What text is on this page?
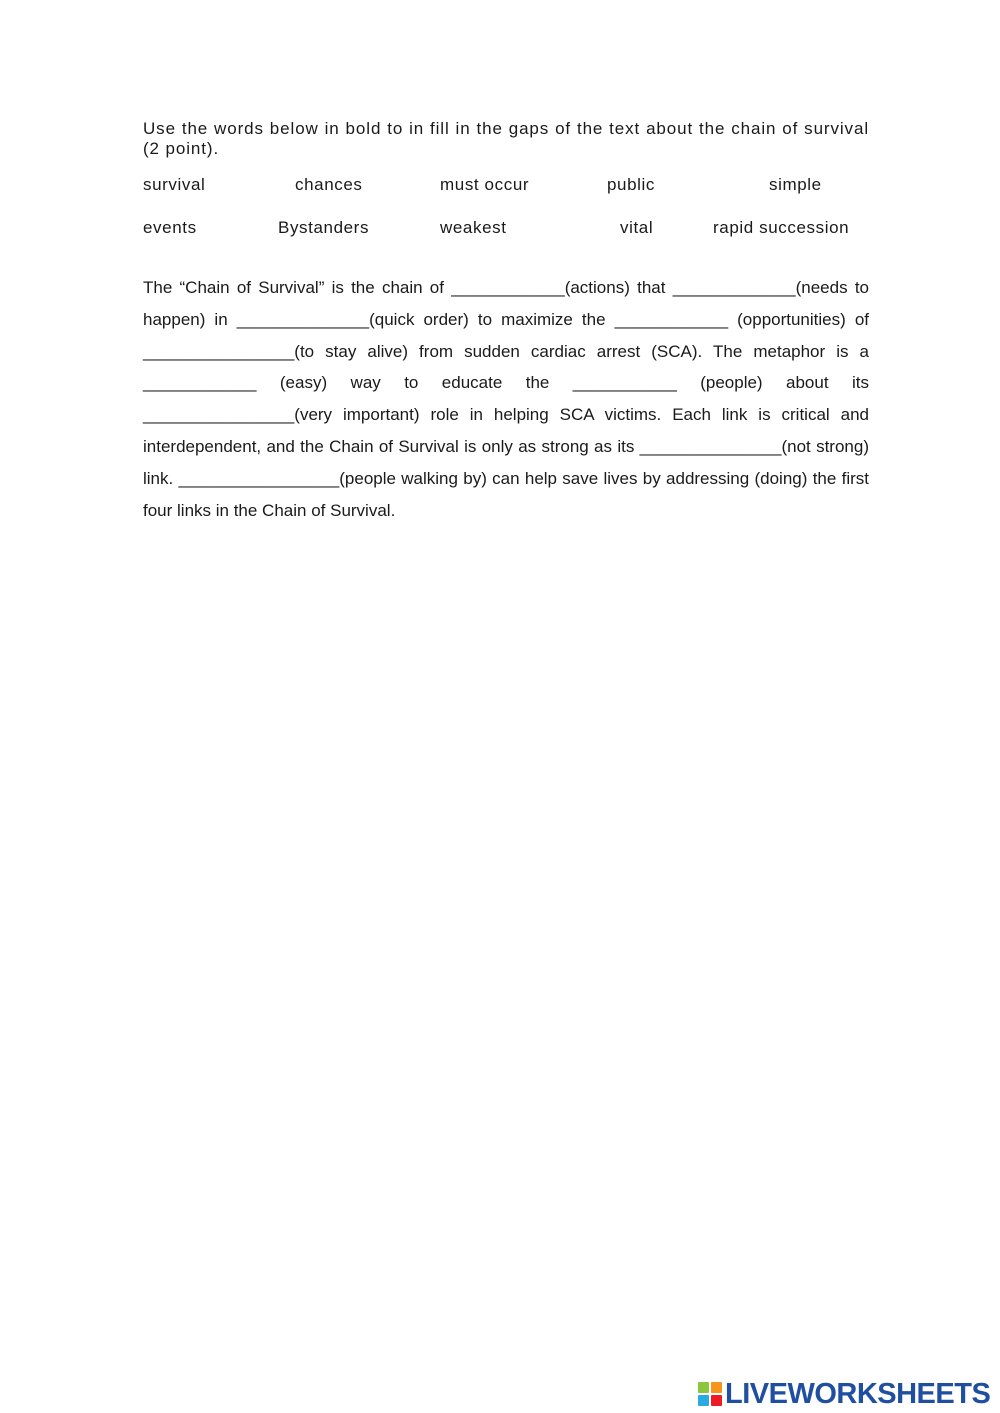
Use the words below in bold to in fill in the gaps of the text about the chain of survival (2 point).

survival	chances	must occur	public	simple
events	Bystanders	weakest	vital	rapid succession

The “Chain of Survival” is the chain of ____________(actions) that _____________(needs to happen) in ______________(quick order) to maximize the ____________ (opportunities) of ________________(to stay alive) from sudden cardiac arrest (SCA). The metaphor is a ____________ (easy) way to educate the ___________ (people) about its ________________(very important) role in helping SCA victims. Each link is critical and interdependent, and the Chain of Survival is only as strong as its _______________(not strong) link. _________________(people walking by) can help save lives by addressing (doing) the first four links in the Chain of Survival.

LIVEWORKSHEETS
